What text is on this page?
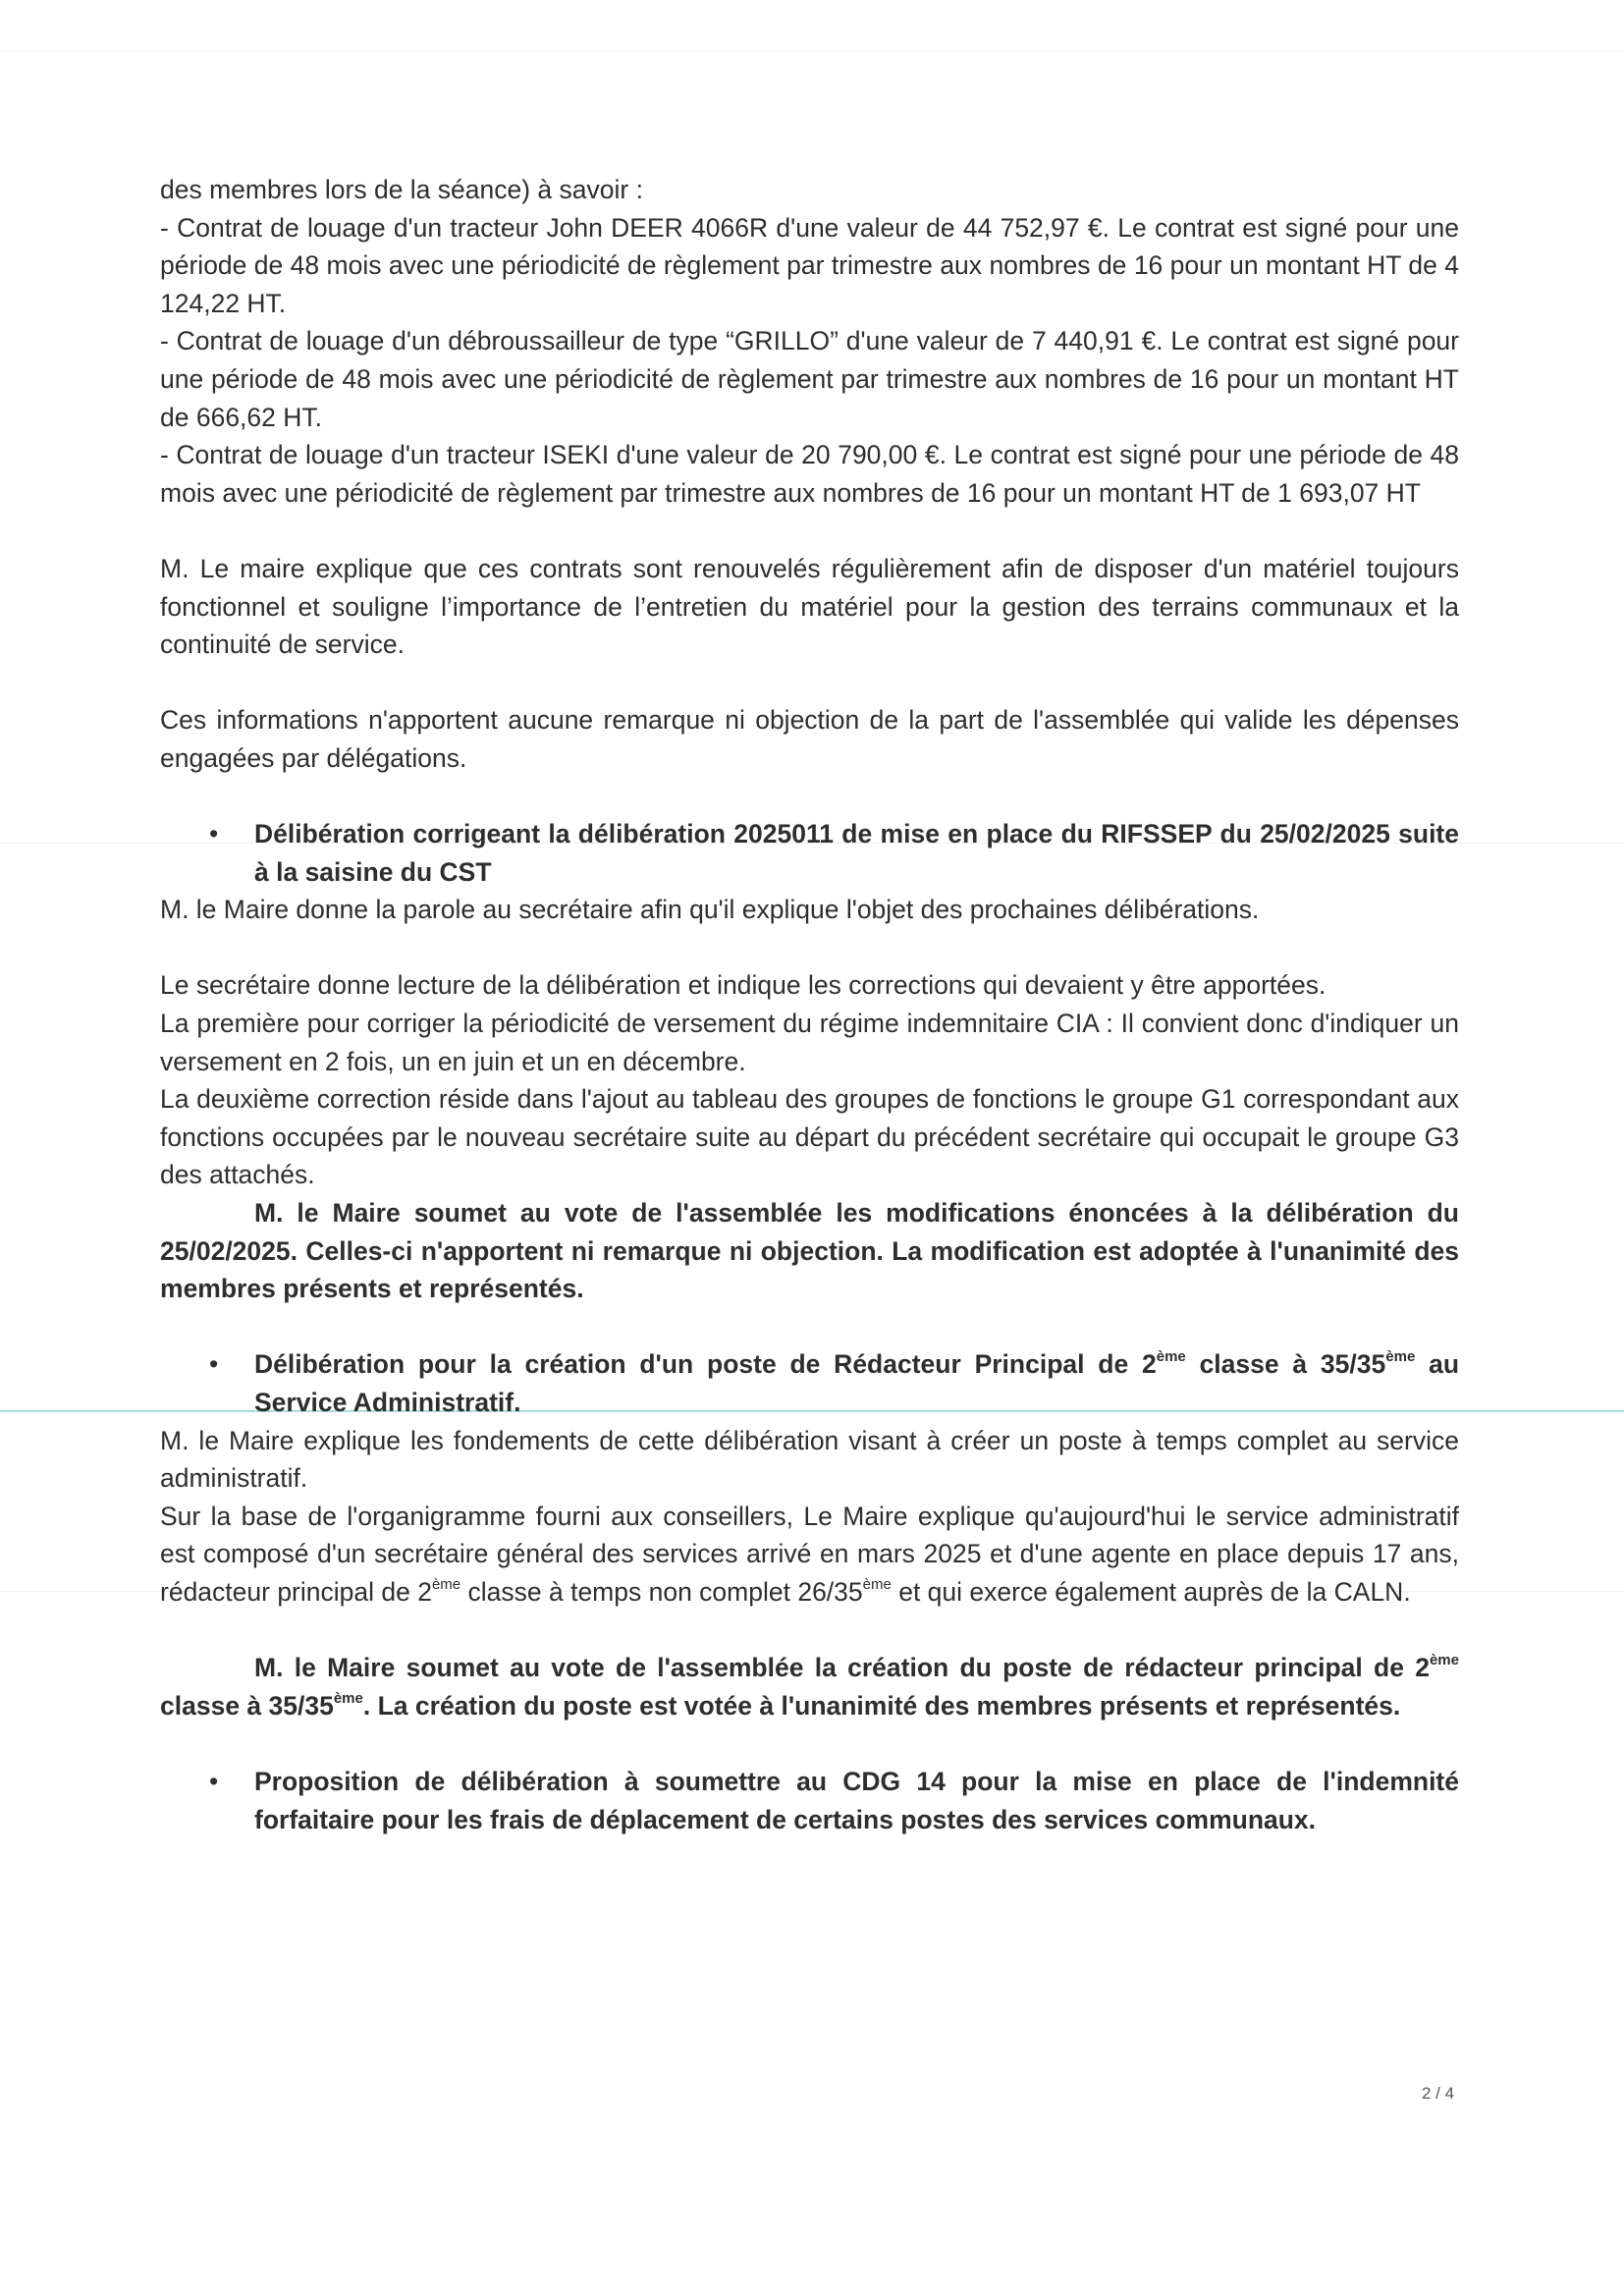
des membres lors de la séance) à savoir :

- Contrat de louage d'un tracteur John DEER 4066R d'une valeur de 44 752,97 €. Le contrat est signé pour une période de 48 mois avec une périodicité de règlement par trimestre aux nombres de 16 pour un montant HT de 4 124,22 HT.

- Contrat de louage d'un débroussailleur de type “GRILLO” d'une valeur de 7 440,91 €. Le contrat est signé pour une période de 48 mois avec une périodicité de règlement par trimestre aux nombres de 16 pour un montant HT de 666,62 HT.

- Contrat de louage d'un tracteur ISEKI d'une valeur de 20 790,00 €. Le contrat est signé pour une période de 48 mois avec une périodicité de règlement par trimestre aux nombres de 16 pour un montant HT de 1 693,07 HT

M. Le maire explique que ces contrats sont renouvelés régulièrement afin de disposer d'un matériel toujours fonctionnel et souligne l’importance de l’entretien du matériel pour la gestion des terrains communaux et la continuité de service.

Ces informations n'apportent aucune remarque ni objection de la part de l'assemblée qui valide les dépenses engagées par délégations.

• Délibération corrigeant la délibération 2025011 de mise en place du RIFSSEP du 25/02/2025 suite à la saisine du CST

M. le Maire donne la parole au secrétaire afin qu'il explique l'objet des prochaines délibérations.

Le secrétaire donne lecture de la délibération et indique les corrections qui devaient y être apportées.

La première pour corriger la périodicité de versement du régime indemnitaire CIA : Il convient donc d'indiquer un versement en 2 fois, un en juin et un en décembre.

La deuxième correction réside dans l'ajout au tableau des groupes de fonctions le groupe G1 correspondant aux fonctions occupées par le nouveau secrétaire suite au départ du précédent secrétaire qui occupait le groupe G3 des attachés.

M. le Maire soumet au vote de l'assemblée les modifications énoncées à la délibération du 25/02/2025. Celles-ci n'apportent ni remarque ni objection. La modification est adoptée à l'unanimité des membres présents et représentés.

• Délibération pour la création d'un poste de Rédacteur Principal de 2ème classe à 35/35ème au Service Administratif.

M. le Maire explique les fondements de cette délibération visant à créer un poste à temps complet au service administratif.

Sur la base de l'organigramme fourni aux conseillers, Le Maire explique qu'aujourd'hui le service administratif est composé d'un secrétaire général des services arrivé en mars 2025 et d'une agente en place depuis 17 ans, rédacteur principal de 2ème classe à temps non complet 26/35ème et qui exerce également auprès de la CALN.

M. le Maire soumet au vote de l'assemblée la création du poste de rédacteur principal de 2ème classe à 35/35ème. La création du poste est votée à l'unanimité des membres présents et représentés.

• Proposition de délibération à soumettre au CDG 14 pour la mise en place de l'indemnité forfaitaire pour les frais de déplacement de certains postes des services communaux.
2 / 4
